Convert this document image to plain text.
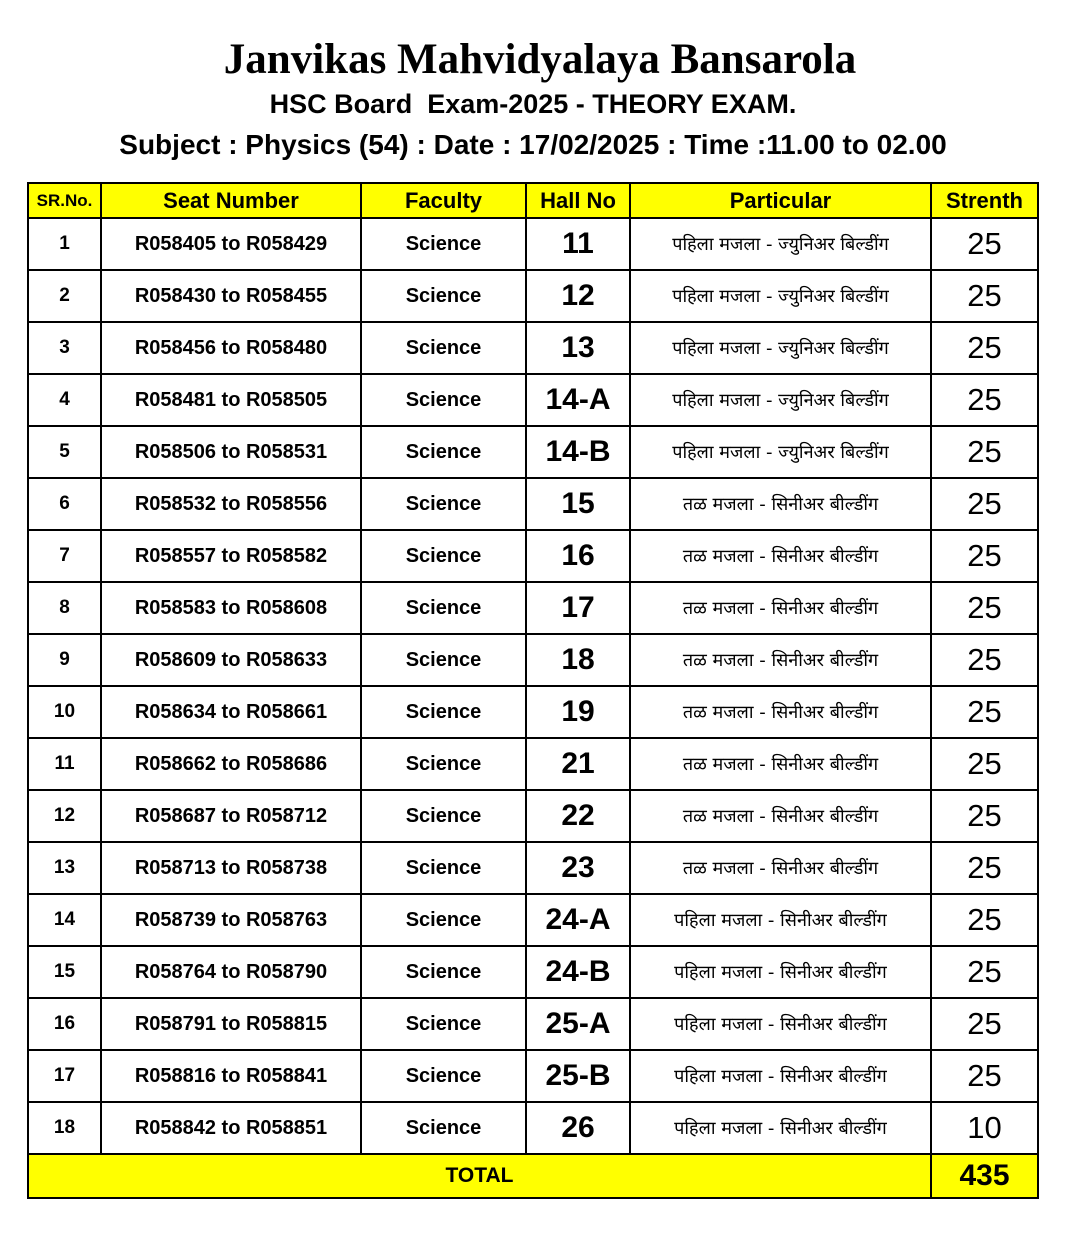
Janvikas Mahvidyalaya Bansarola
HSC Board  Exam-2025 - THEORY EXAM.
Subject : Physics (54) : Date : 17/02/2025 : Time :11.00 to 02.00
SR.No.	Seat Number	Faculty	Hall No	Particular	Strenth
1	R058405 to R058429	Science	11	पहिला मजला - ज्युनिअर बिल्डींग	25
2	R058430 to R058455	Science	12	पहिला मजला - ज्युनिअर बिल्डींग	25
3	R058456 to R058480	Science	13	पहिला मजला - ज्युनिअर बिल्डींग	25
4	R058481 to R058505	Science	14-A	पहिला मजला - ज्युनिअर बिल्डींग	25
5	R058506 to R058531	Science	14-B	पहिला मजला - ज्युनिअर बिल्डींग	25
6	R058532 to R058556	Science	15	तळ मजला - सिनीअर बील्डींग	25
7	R058557 to R058582	Science	16	तळ मजला - सिनीअर बील्डींग	25
8	R058583 to R058608	Science	17	तळ मजला - सिनीअर बील्डींग	25
9	R058609 to R058633	Science	18	तळ मजला - सिनीअर बील्डींग	25
10	R058634 to R058661	Science	19	तळ मजला - सिनीअर बील्डींग	25
11	R058662 to R058686	Science	21	तळ मजला - सिनीअर बील्डींग	25
12	R058687 to R058712	Science	22	तळ मजला - सिनीअर बील्डींग	25
13	R058713 to R058738	Science	23	तळ मजला - सिनीअर बील्डींग	25
14	R058739 to R058763	Science	24-A	पहिला मजला - सिनीअर बील्डींग	25
15	R058764 to R058790	Science	24-B	पहिला मजला - सिनीअर बील्डींग	25
16	R058791 to R058815	Science	25-A	पहिला मजला - सिनीअर बील्डींग	25
17	R058816 to R058841	Science	25-B	पहिला मजला - सिनीअर बील्डींग	25
18	R058842 to R058851	Science	26	पहिला मजला - सिनीअर बील्डींग	10
TOTAL					435
